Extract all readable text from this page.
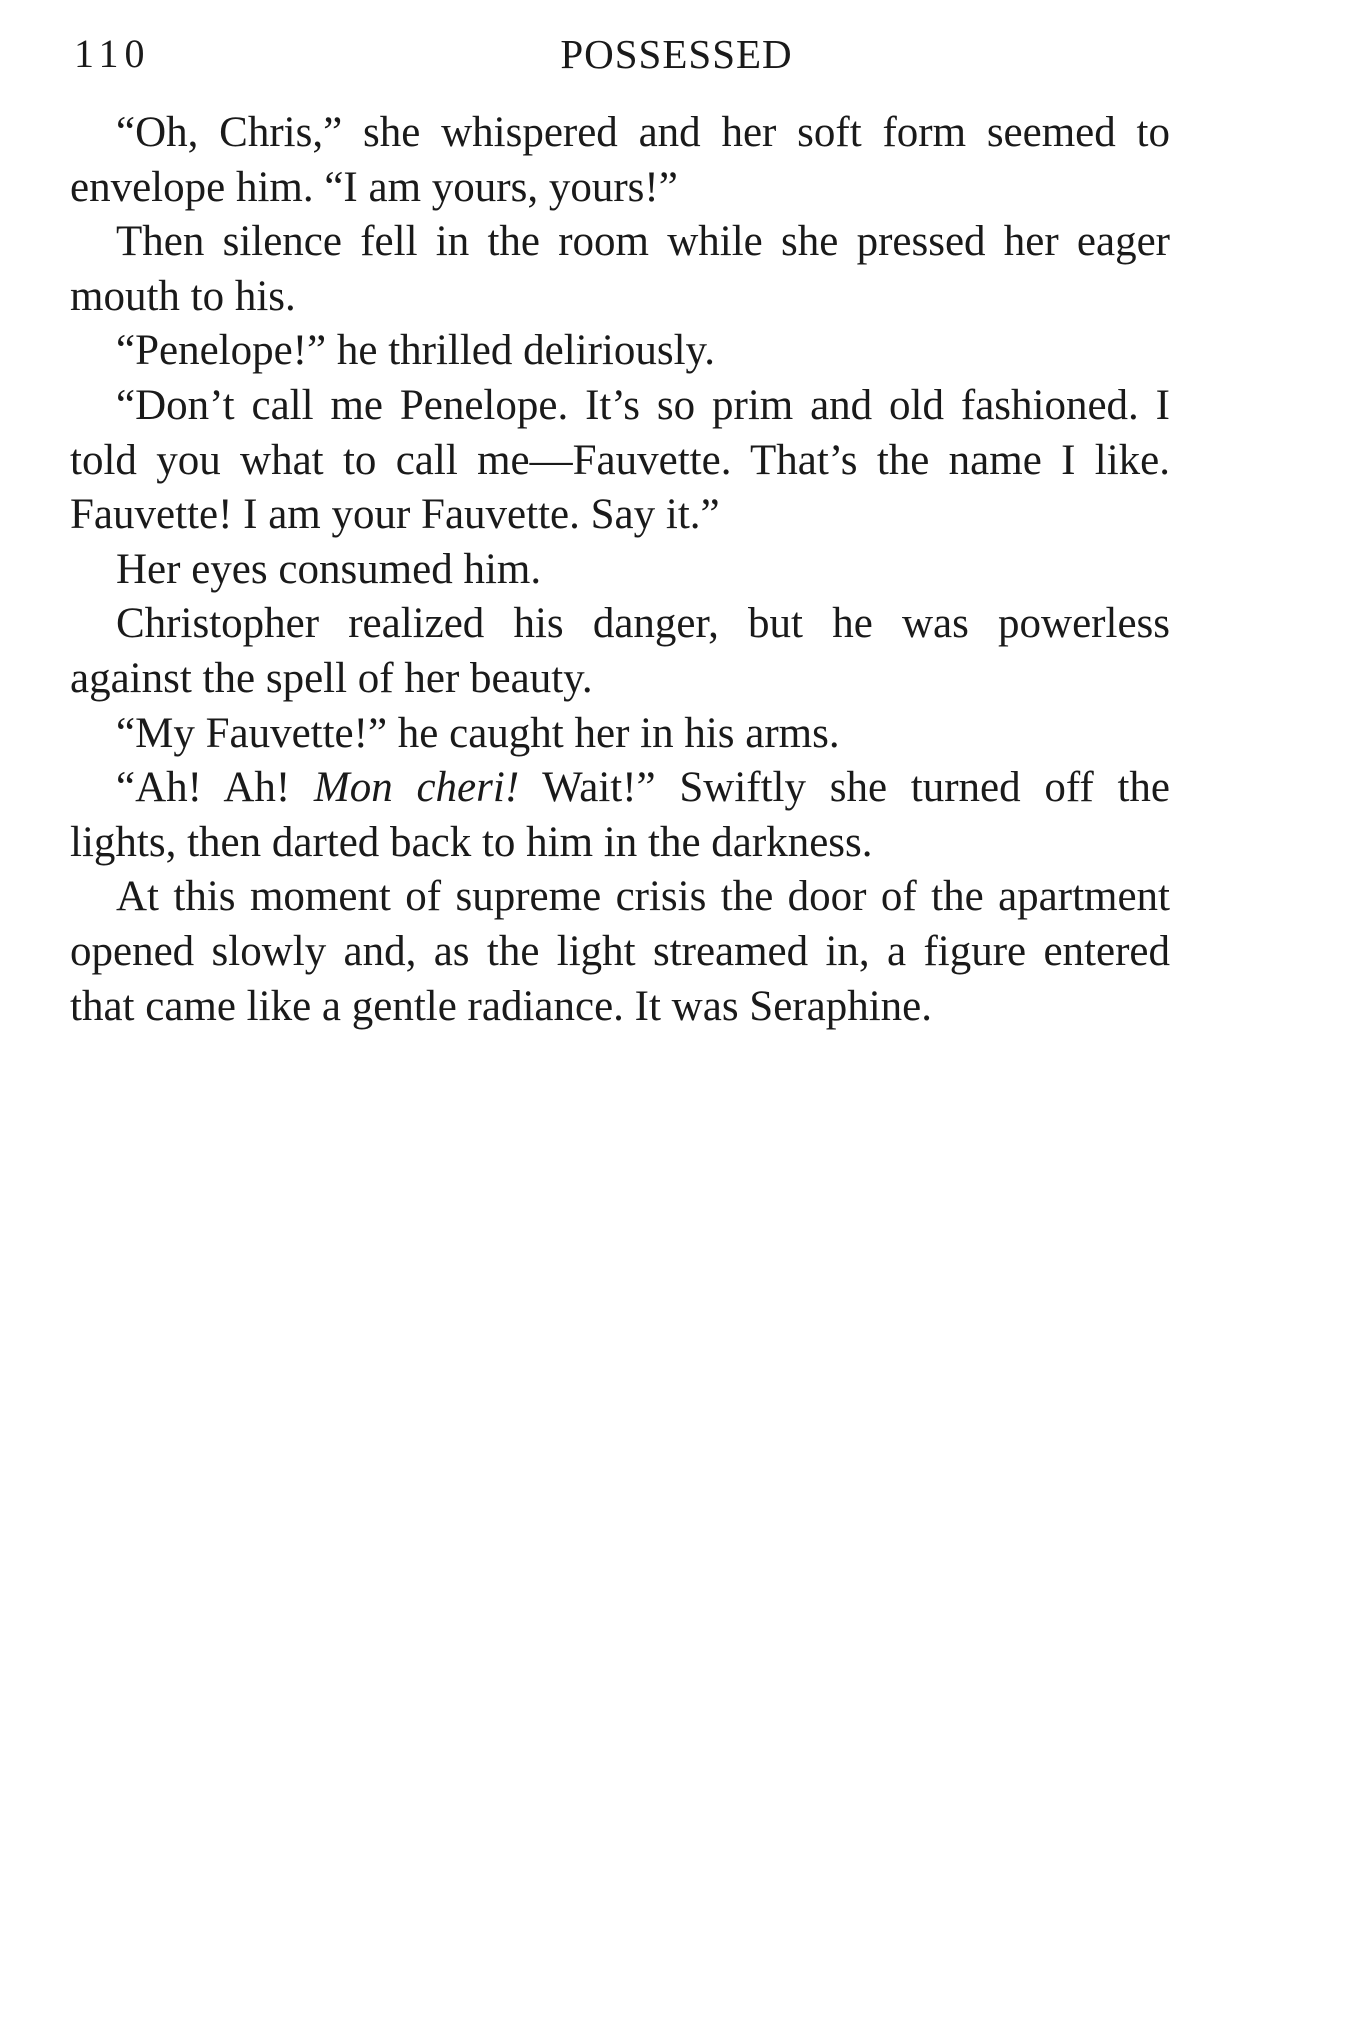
110	POSSESSED

“Oh, Chris,” she whispered and her soft form seemed to envelope him. “I am yours, yours!”

Then silence fell in the room while she pressed her eager mouth to his.

“Penelope!” he thrilled deliriously.

“Don’t call me Penelope. It’s so prim and old fashioned. I told you what to call me—Fauvette. That’s the name I like. Fauvette! I am your Fauvette. Say it.”

Her eyes consumed him.

Christopher realized his danger, but he was powerless against the spell of her beauty.

“My Fauvette!” he caught her in his arms.

“Ah! Ah! Mon cheri! Wait!” Swiftly she turned off the lights, then darted back to him in the darkness.

At this moment of supreme crisis the door of the apartment opened slowly and, as the light streamed in, a figure entered that came like a gentle radiance. It was Seraphine.
